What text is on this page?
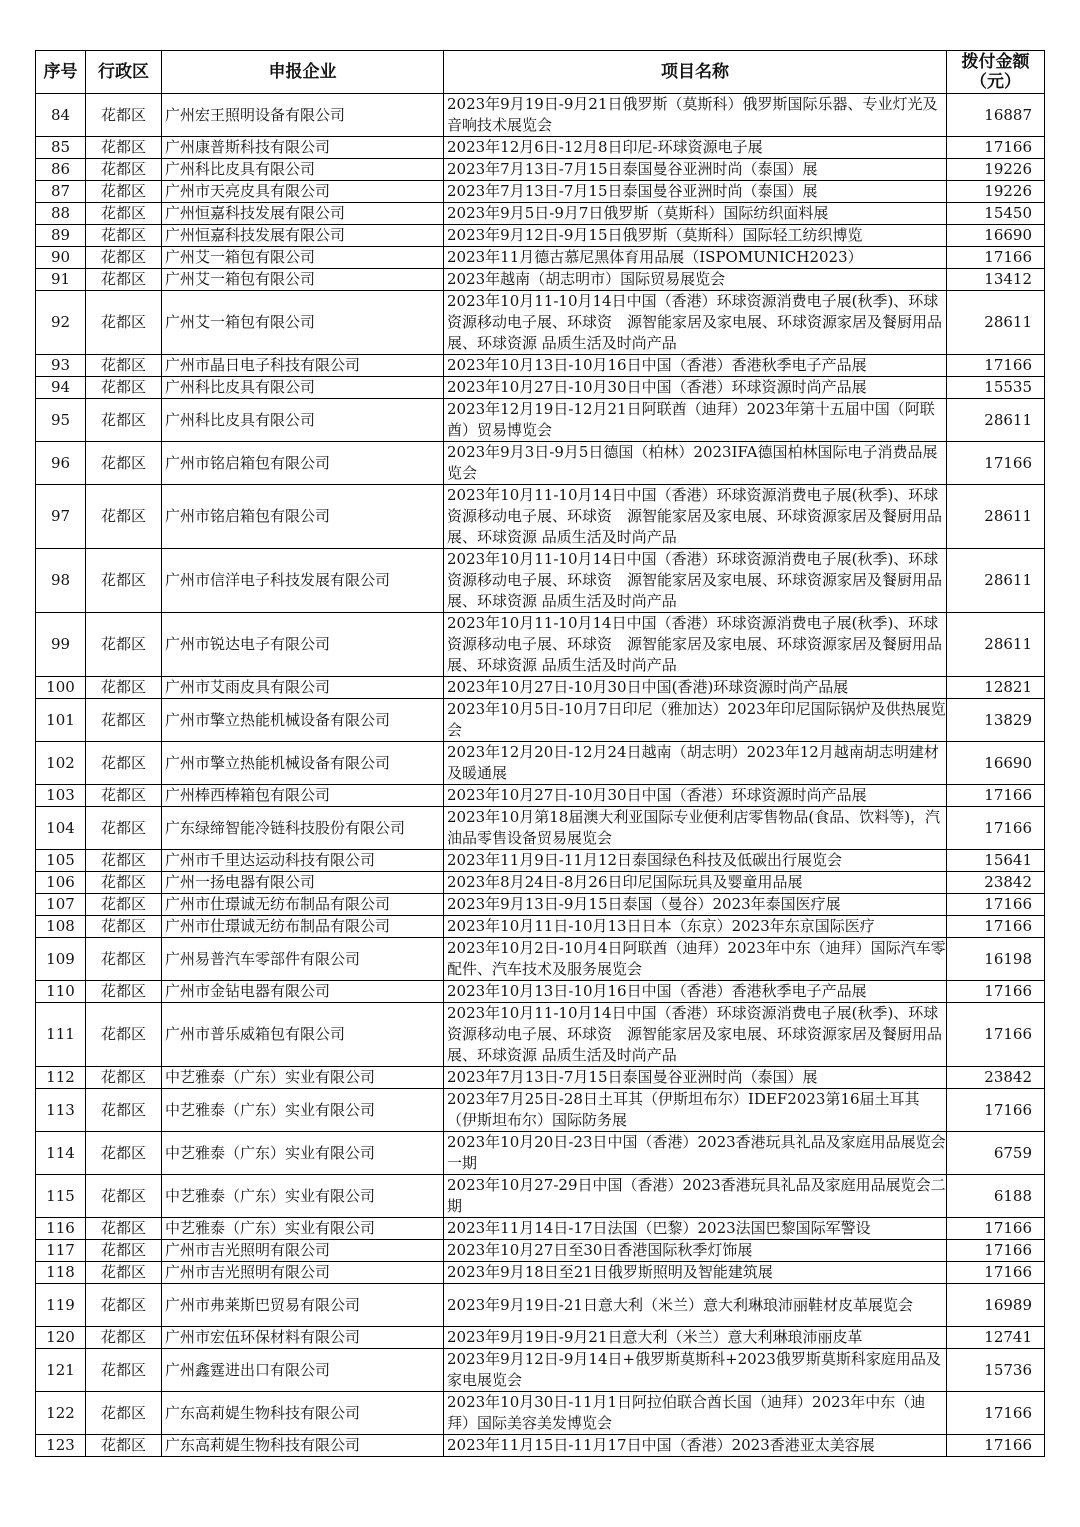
序号	行政区	申报企业	项目名称	拨付金额
（元）
84	花都区	广州宏王照明设备有限公司	2023年9月19日-9月21日俄罗斯（莫斯科）俄罗斯国际乐器、专业灯光及音响技术展览会	16887
85	花都区	广州康普斯科技有限公司	2023年12月6日-12月8日印尼-环球资源电子展	17166
86	花都区	广州科比皮具有限公司	2023年7月13日-7月15日泰国曼谷亚洲时尚（泰国）展	19226
87	花都区	广州市天亮皮具有限公司	2023年7月13日-7月15日泰国曼谷亚洲时尚（泰国）展	19226
88	花都区	广州恒嘉科技发展有限公司	2023年9月5日-9月7日俄罗斯（莫斯科）国际纺织面料展	15450
89	花都区	广州恒嘉科技发展有限公司	2023年9月12日-9月15日俄罗斯（莫斯科）国际轻工纺织博览	16690
90	花都区	广州艾一箱包有限公司	2023年11月德古慕尼黑体育用品展（ISPOMUNICH2023）	17166
91	花都区	广州艾一箱包有限公司	2023年越南（胡志明市）国际贸易展览会	13412
92	花都区	广州艾一箱包有限公司	2023年10月11-10月14日中国（香港）环球资源消费电子展(秋季)、环球资源移动电子展、环球资　源智能家居及家电展、环球资源家居及餐厨用品展、环球资源 品质生活及时尚产品	28611
93	花都区	广州市晶日电子科技有限公司	2023年10月13日-10月16日中国（香港）香港秋季电子产品展	17166
94	花都区	广州科比皮具有限公司	2023年10月27日-10月30日中国（香港）环球资源时尚产品展	15535
95	花都区	广州科比皮具有限公司	2023年12月19日-12月21日阿联酋（迪拜）2023年第十五届中国（阿联酋）贸易博览会	28611
96	花都区	广州市铭启箱包有限公司	2023年9月3日-9月5日德国（柏林）2023IFA德国柏林国际电子消费品展览会	17166
97	花都区	广州市铭启箱包有限公司	2023年10月11-10月14日中国（香港）环球资源消费电子展(秋季)、环球资源移动电子展、环球资　源智能家居及家电展、环球资源家居及餐厨用品展、环球资源 品质生活及时尚产品	28611
98	花都区	广州市信洋电子科技发展有限公司	2023年10月11-10月14日中国（香港）环球资源消费电子展(秋季)、环球资源移动电子展、环球资　源智能家居及家电展、环球资源家居及餐厨用品展、环球资源 品质生活及时尚产品	28611
99	花都区	广州市锐达电子有限公司	2023年10月11-10月14日中国（香港）环球资源消费电子展(秋季)、环球资源移动电子展、环球资　源智能家居及家电展、环球资源家居及餐厨用品展、环球资源 品质生活及时尚产品	28611
100	花都区	广州市艾雨皮具有限公司	2023年10月27日-10月30日中国(香港)环球资源时尚产品展	12821
101	花都区	广州市擎立热能机械设备有限公司	2023年10月5日-10月7日印尼（雅加达）2023年印尼国际锅炉及供热展览会	13829
102	花都区	广州市擎立热能机械设备有限公司	2023年12月20日-12月24日越南（胡志明）2023年12月越南胡志明建材及暖通展	16690
103	花都区	广州棒西棒箱包有限公司	2023年10月27日-10月30日中国（香港）环球资源时尚产品展	17166
104	花都区	广东绿缔智能冷链科技股份有限公司	2023年10月第18届澳大利亚国际专业便利店零售物品(食品、饮料等)，汽油品零售设备贸易展览会	17166
105	花都区	广州市千里达运动科技有限公司	2023年11月9日-11月12日泰国绿色科技及低碳出行展览会	15641
106	花都区	广州一扬电器有限公司	2023年8月24日-8月26日印尼国际玩具及婴童用品展	23842
107	花都区	广州市仕璟诚无纺布制品有限公司	2023年9月13日-9月15日泰国（曼谷）2023年泰国医疗展	17166
108	花都区	广州市仕璟诚无纺布制品有限公司	2023年10月11日-10月13日日本（东京）2023年东京国际医疗	17166
109	花都区	广州易普汽车零部件有限公司	2023年10月2日-10月4日阿联酋（迪拜）2023年中东（迪拜）国际汽车零配件、汽车技术及服务展览会	16198
110	花都区	广州市金钻电器有限公司	2023年10月13日-10月16日中国（香港）香港秋季电子产品展	17166
111	花都区	广州市普乐威箱包有限公司	2023年10月11-10月14日中国（香港）环球资源消费电子展(秋季)、环球资源移动电子展、环球资　源智能家居及家电展、环球资源家居及餐厨用品展、环球资源 品质生活及时尚产品	17166
112	花都区	中艺雅泰（广东）实业有限公司	2023年7月13日-7月15日泰国曼谷亚洲时尚（泰国）展	23842
113	花都区	中艺雅泰（广东）实业有限公司	2023年7月25日-28日土耳其（伊斯坦布尔）IDEF2023第16届土耳其（伊斯坦布尔）国际防务展	17166
114	花都区	中艺雅泰（广东）实业有限公司	2023年10月20日-23日中国（香港）2023香港玩具礼品及家庭用品展览会一期	6759
115	花都区	中艺雅泰（广东）实业有限公司	2023年10月27-29日中国（香港）2023香港玩具礼品及家庭用品展览会二期	6188
116	花都区	中艺雅泰（广东）实业有限公司	2023年11月14日-17日法国（巴黎）2023法国巴黎国际军警设	17166
117	花都区	广州市吉光照明有限公司	2023年10月27日至30日香港国际秋季灯饰展	17166
118	花都区	广州市吉光照明有限公司	2023年9月18日至21日俄罗斯照明及智能建筑展	17166
119	花都区	广州市弗莱斯巴贸易有限公司	2023年9月19日-21日意大利（米兰）意大利琳琅沛丽鞋材皮革展览会	16989
120	花都区	广州市宏伍环保材料有限公司	2023年9月19日-9月21日意大利（米兰）意大利琳琅沛丽皮革	12741
121	花都区	广州鑫霆进出口有限公司	2023年9月12日-9月14日+俄罗斯莫斯科+2023俄罗斯莫斯科家庭用品及家电展览会	15736
122	花都区	广东高莉媞生物科技有限公司	2023年10月30日-11月1日阿拉伯联合酋长国（迪拜）2023年中东（迪拜）国际美容美发博览会	17166
123	花都区	广东高莉媞生物科技有限公司	2023年11月15日-11月17日中国（香港）2023香港亚太美容展	17166
